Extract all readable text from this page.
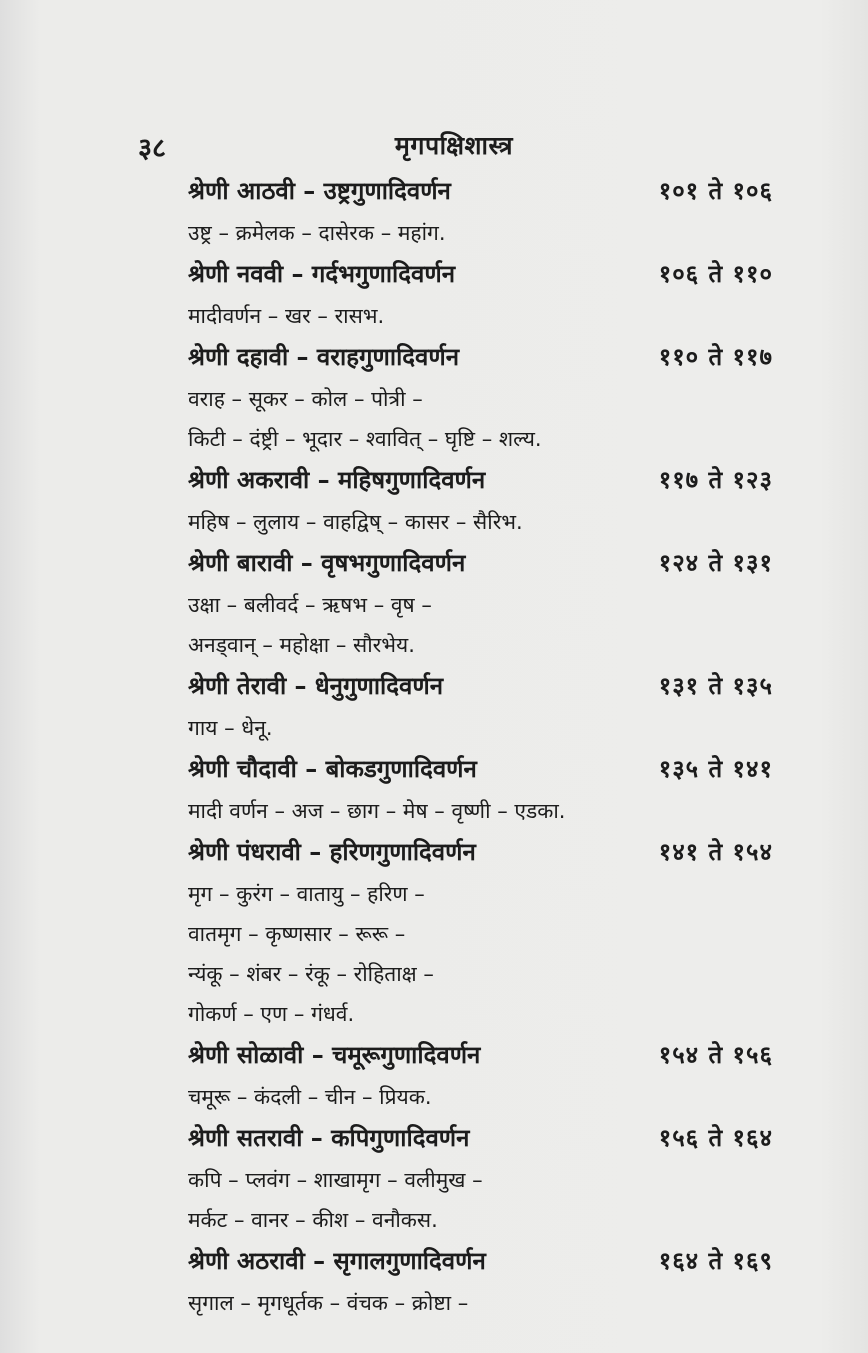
३८	मृगपक्षिशास्त्र
श्रेणी आठवी – उष्ट्रगुणादिवर्णन	१०१ ते १०६
उष्ट्र – क्रमेलक – दासेरक – महांग.
श्रेणी नववी – गर्दभगुणादिवर्णन	१०६ ते ११०
मादीवर्णन – खर – रासभ.
श्रेणी दहावी – वराहगुणादिवर्णन	११० ते ११७
वराह – सूकर – कोल – पोत्री –
किटी – दंष्ट्री – भूदार – श्वावित् – घृष्टि – शल्य.
श्रेणी अकरावी – महिषगुणादिवर्णन	११७ ते १२३
महिष – लुलाय – वाहद्विष् – कासर – सैरिभ.
श्रेणी बारावी – वृषभगुणादिवर्णन	१२४ ते १३१
उक्षा – बलीवर्द – ऋषभ – वृष –
अनड्वान् – महोक्षा – सौरभेय.
श्रेणी तेरावी – धेनुगुणादिवर्णन	१३१ ते १३५
गाय – धेनू.
श्रेणी चौदावी – बोकडगुणादिवर्णन	१३५ ते १४१
मादी वर्णन – अज – छाग – मेष – वृष्णी – एडका.
श्रेणी पंधरावी – हरिणगुणादिवर्णन	१४१ ते १५४
मृग – कुरंग – वातायु – हरिण –
वातमृग – कृष्णसार – रूरू –
न्यंकू – शंबर – रंकू – रोहिताक्ष –
गोकर्ण – एण – गंधर्व.
श्रेणी सोळावी – चमूरूगुणादिवर्णन	१५४ ते १५६
चमूरू – कंदली – चीन – प्रियक.
श्रेणी सतरावी – कपिगुणादिवर्णन	१५६ ते १६४
कपि – प्लवंग – शाखामृग – वलीमुख –
मर्कट – वानर – कीश – वनौकस.
श्रेणी अठरावी – सृगालगुणादिवर्णन	१६४ ते १६९
सृगाल – मृगधूर्तक – वंचक – क्रोष्टा –
